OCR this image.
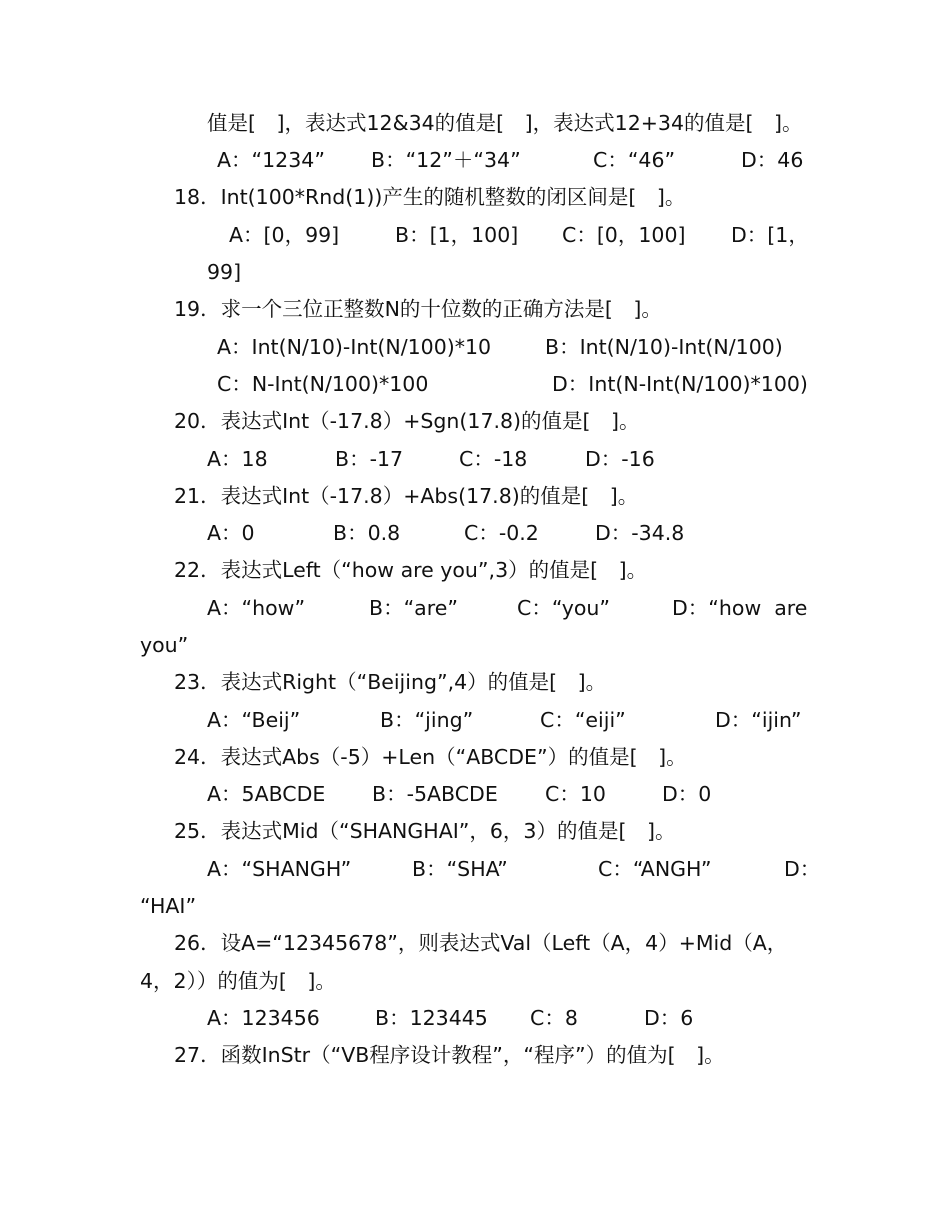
值是[　]，表达式12&34的值是[　]，表达式12+34的值是[　]。

A：“1234”

B：“12”＋“34”

	C：“46”

	D：46

18．Int(100*Rnd(1))产生的随机整数的闭区间是[　]。

A：[0，99]

	B：[1，100]

C：[0，100]

D：[1，

99]

19．求一个三位正整数N的十位数的正确方法是[　]。

A：Int(N/10)-Int(N/100)*10

	B：Int(N/10)-Int(N/100)

C：N-Int(N/100)*100

	D：Int(N-Int(N/100)*100)

20．表达式Int（-17.8）+Sgn(17.8)的值是[　]。

A：18

	B：-17

	C：-18

	D：-16

21．表达式Int（-17.8）+Abs(17.8)的值是[　]。

A：0

	B：0.8

	C：-0.2

	D：-34.8

22．表达式Left（“how are you”,3）的值是[　]。

A：“how”

	B：“are”

	C：“you”

	D：“how  are

you”

23．表达式Right（“Beijing”,4）的值是[　]。

A：“Beij”

	B：“jing”

	C：“eiji”

	D：“ijin”

24．表达式Abs（-5）+Len（“ABCDE”）的值是[　]。

A：5ABCDE

B：-5ABCDE

C：10

	D：0

25．表达式Mid（“SHANGHAI”，6，3）的值是[　]。

A：“SHANGH”

	B：“SHA”

	C：“ANGH”

	D：

“HAI”

26．设A=“12345678”，则表达式Val（Left（A，4）+Mid（A，

4，2））的值为[　]。

A：123456

	B：123445

C：8

	D：6

27．函数InStr（“VB程序设计教程”，“程序”）的值为[　]。
